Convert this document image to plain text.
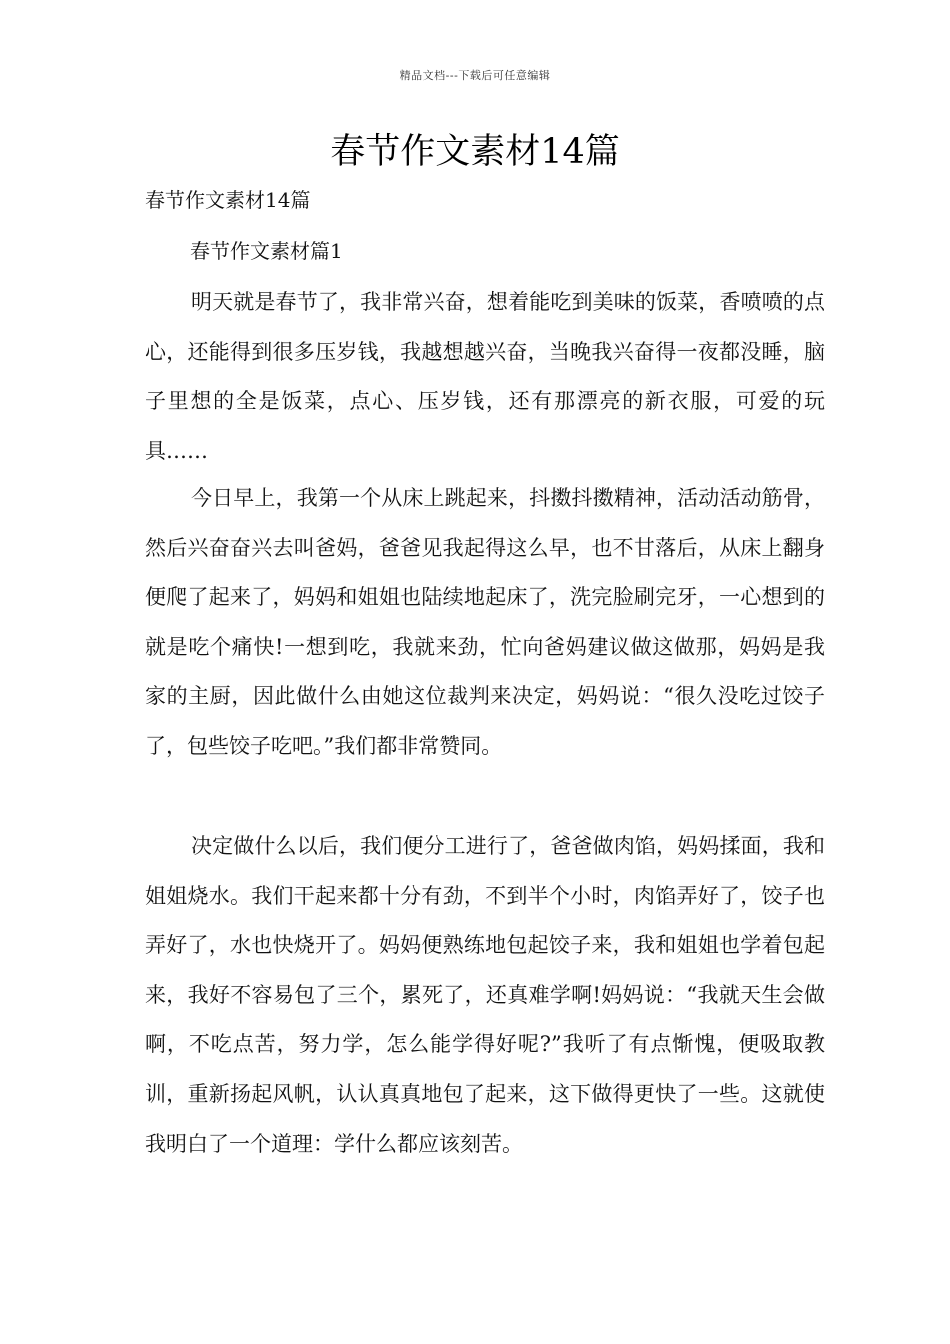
精品文档---下载后可任意编辑
春节作文素材14篇
春节作文素材14篇
春节作文素材篇1

明天就是春节了，我非常兴奋，想着能吃到美味的饭菜，香喷喷的点心，还能得到很多压岁钱，我越想越兴奋，当晚我兴奋得一夜都没睡，脑子里想的全是饭菜，点心、压岁钱，还有那漂亮的新衣服，可爱的玩具……

今日早上，我第一个从床上跳起来，抖擞抖擞精神，活动活动筋骨，然后兴奋奋兴去叫爸妈，爸爸见我起得这么早，也不甘落后，从床上翻身便爬了起来了，妈妈和姐姐也陆续地起床了，洗完脸刷完牙，一心想到的就是吃个痛快!一想到吃，我就来劲，忙向爸妈建议做这做那，妈妈是我家的主厨，因此做什么由她这位裁判来决定，妈妈说：“很久没吃过饺子了，包些饺子吃吧。”我们都非常赞同。

决定做什么以后，我们便分工进行了，爸爸做肉馅，妈妈揉面，我和姐姐烧水。我们干起来都十分有劲，不到半个小时，肉馅弄好了，饺子也弄好了，水也快烧开了。妈妈便熟练地包起饺子来，我和姐姐也学着包起来，我好不容易包了三个，累死了，还真难学啊!妈妈说：“我就天生会做啊，不吃点苦，努力学，怎么能学得好呢?”我听了有点惭愧，便吸取教训，重新扬起风帆，认认真真地包了起来，这下做得更快了一些。这就使我明白了一个道理：学什么都应该刻苦。
